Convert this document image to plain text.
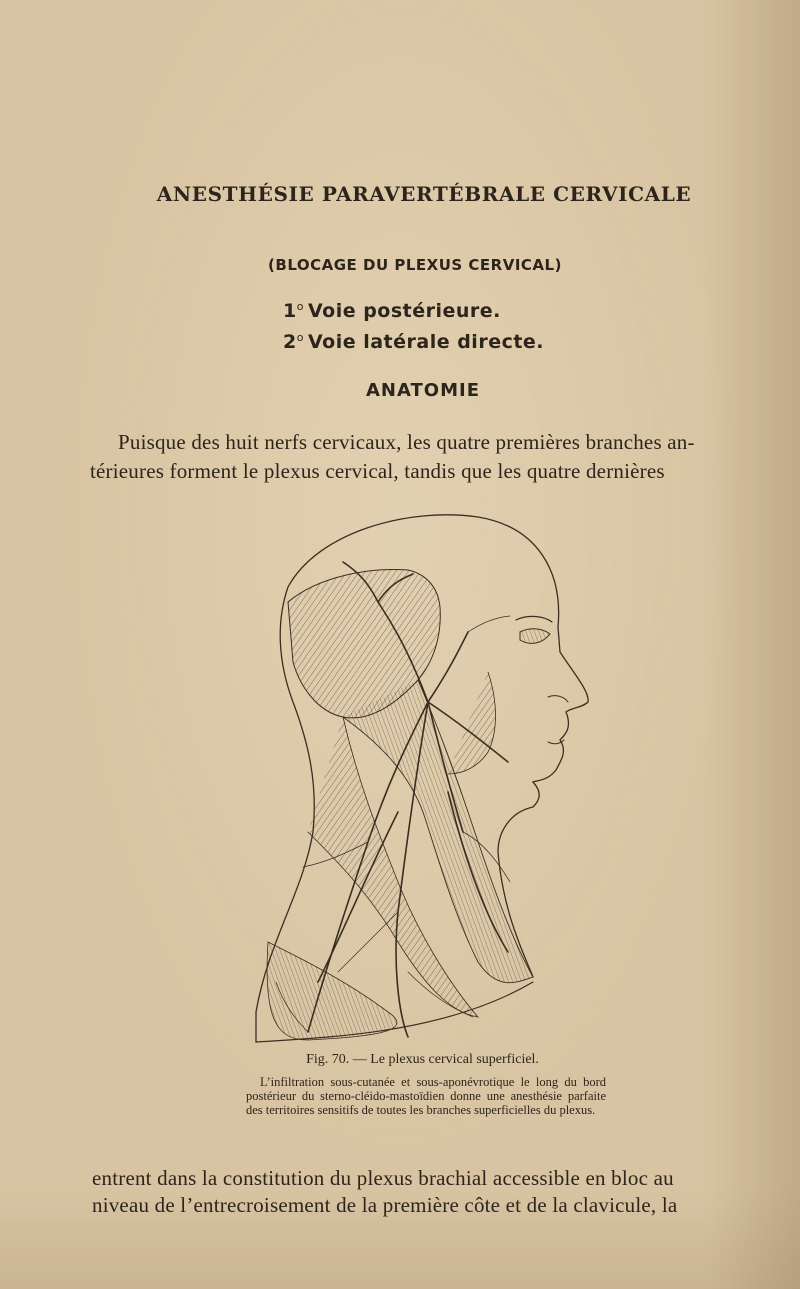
ANESTHÉSIE PARAVERTÉBRALE CERVICALE
(BLOCAGE DU PLEXUS CERVICAL)
1$^o$ Voie postérieure.
2$^o$ Voie latérale directe.
ANATOMIE
Puisque des huit nerfs cervicaux, les quatre premières branches an-
térieures forment le plexus cervical, tandis que les quatre dernières
Fig. 70. — Le plexus cervical superficiel.
L’infiltration sous-cutanée et sous-aponévrotique le long du bord postérieur du sterno-cléido-mastoïdien donne une anesthésie parfaite des territoires sensitifs de toutes les branches superficielles du plexus.
entrent dans la constitution du plexus brachial accessible en bloc au
niveau de l’entrecroisement de la première côte et de la clavicule, la
